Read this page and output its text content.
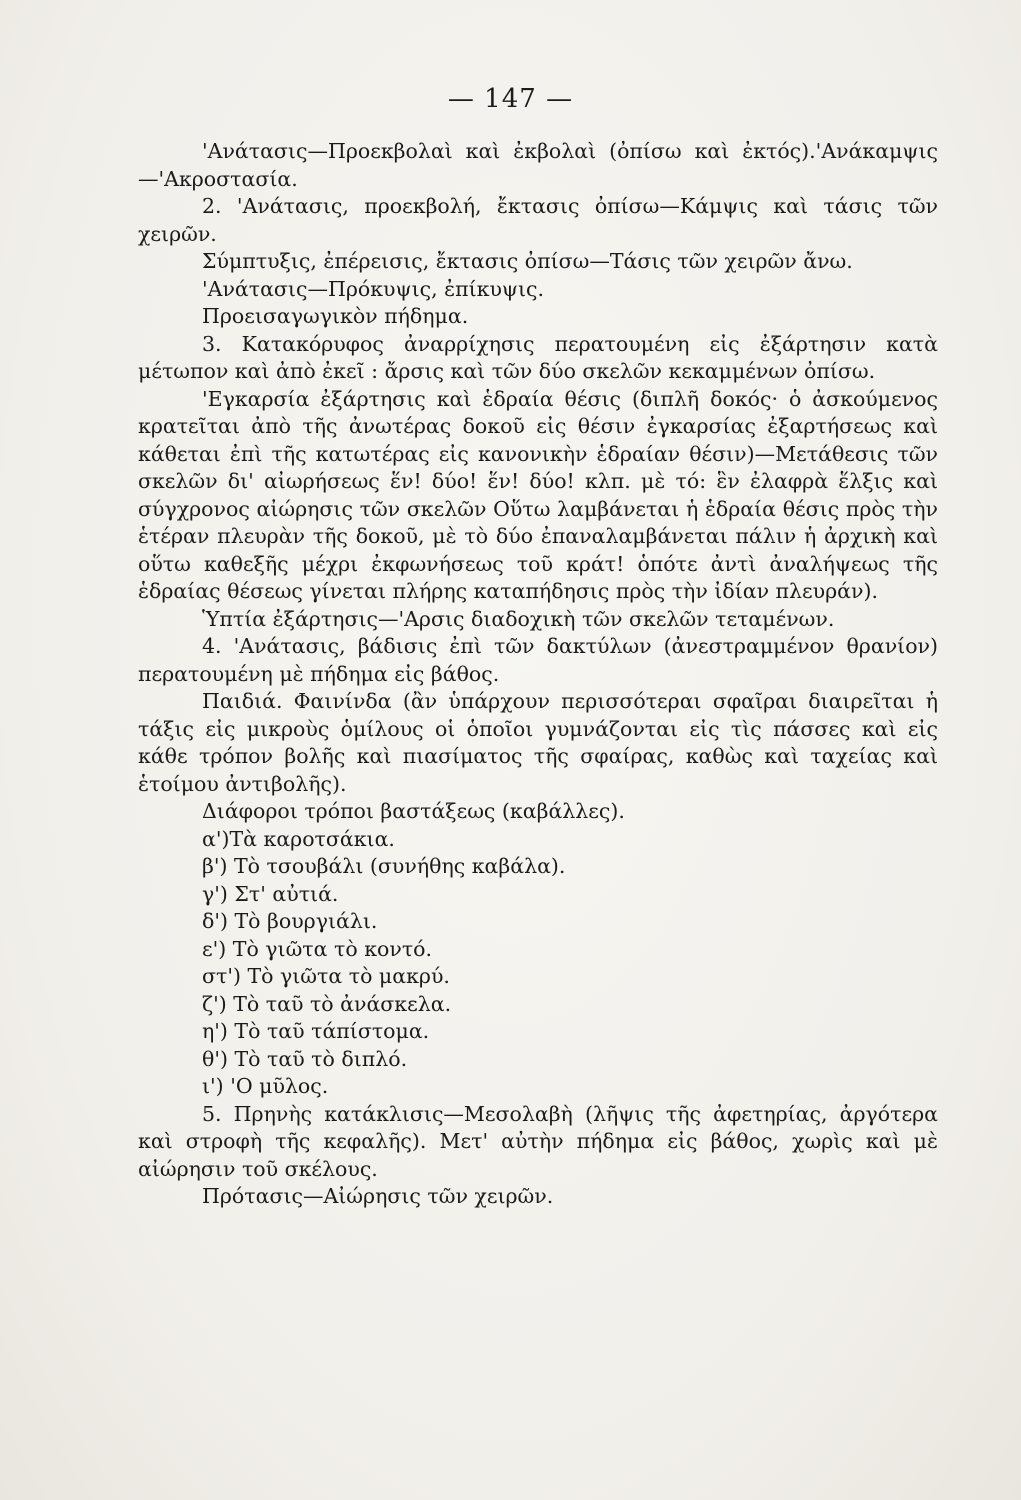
— 147 —

'Ανάτασις—Προεκβολαὶ καὶ ἐκβολαὶ (ὀπίσω καὶ ἐκτός).'Ανάκαμψις—'Ακροστασία.

2. 'Ανάτασις, προεκβολή, ἔκτασις ὀπίσω—Κάμψις καὶ τάσις τῶν χειρῶν.

Σύμπτυξις, ἐπέρεισις, ἔκτασις ὀπίσω—Τάσις τῶν χειρῶν ἄνω.

'Ανάτασις—Πρόκυψις, ἐπίκυψις.

Προεισαγωγικὸν πήδημα.

3. Κατακόρυφος ἀναρρίχησις περατουμένη εἰς ἐξάρτησιν κατὰ μέτωπον καὶ ἀπὸ ἐκεῖ : ἄρσις καὶ τῶν δύο σκελῶν κεκαμμένων ὀπίσω.

'Εγκαρσία ἐξάρτησις καὶ ἑδραία θέσις (διπλῆ δοκός· ὁ ἀσκούμενος κρατεῖται ἀπὸ τῆς ἀνωτέρας δοκοῦ εἰς θέσιν ἐγκαρσίας ἐξαρτήσεως καὶ κάθεται ἐπὶ τῆς κατωτέρας εἰς κανονικὴν ἑδραίαν θέσιν)—Μετάθεσις τῶν σκελῶν δι' αἰωρήσεως ἕν! δύο! ἕν! δύο! κλπ. μὲ τό: ἓν ἐλαφρὰ ἕλξις καὶ σύγχρονος αἰώρησις τῶν σκελῶν Οὕτω λαμβάνεται ἡ ἑδραία θέσις πρὸς τὴν ἑτέραν πλευρὰν τῆς δοκοῦ, μὲ τὸ δύο ἐπαναλαμβάνεται πάλιν ἡ ἀρχικὴ καὶ οὕτω καθεξῆς μέχρι ἐκφωνήσεως τοῦ κράτ! ὁπότε ἀντὶ ἀναλήψεως τῆς ἑδραίας θέσεως γίνεται πλήρης καταπήδησις πρὸς τὴν ἰδίαν πλευράν).

Ὑπτία ἐξάρτησις—'Αρσις διαδοχικὴ τῶν σκελῶν τεταμένων.

4. 'Ανάτασις, βάδισις ἐπὶ τῶν δακτύλων (ἀνεστραμμένον θρανίον) περατουμένη μὲ πήδημα εἰς βάθος.

Παιδιά. Φαινίνδα (ἂν ὑπάρχουν περισσότεραι σφαῖραι διαιρεῖται ἡ τάξις εἰς μικροὺς ὁμίλους οἱ ὁποῖοι γυμνάζονται εἰς τὶς πάσσες καὶ εἰς κάθε τρόπον βολῆς καὶ πιασίματος τῆς σφαίρας, καθὼς καὶ ταχείας καὶ ἑτοίμου ἀντιβολῆς).

Διάφοροι τρόποι βαστάξεως (καβάλλες).

α')Τὰ καροτσάκια.

β') Τὸ τσουβάλι (συνήθης καβάλα).

γ') Στ' αὐτιά.

δ') Τὸ βουργιάλι.

ε') Τὸ γιῶτα τὸ κοντό.

στ') Τὸ γιῶτα τὸ μακρύ.

ζ') Τὸ ταῦ τὸ ἀνάσκελα.

η') Τὸ ταῦ τάπίστομα.

θ') Τὸ ταῦ τὸ διπλό.

ι') 'Ο μῦλος.

5. Πρηνὴς κατάκλισις—Μεσολαβὴ (λῆψις τῆς ἀφετηρίας, ἀργότερα καὶ στροφὴ τῆς κεφαλῆς). Μετ' αὐτὴν πήδημα εἰς βάθος, χωρὶς καὶ μὲ αἰώρησιν τοῦ σκέλους.

Πρότασις—Αἰώρησις τῶν χειρῶν.
